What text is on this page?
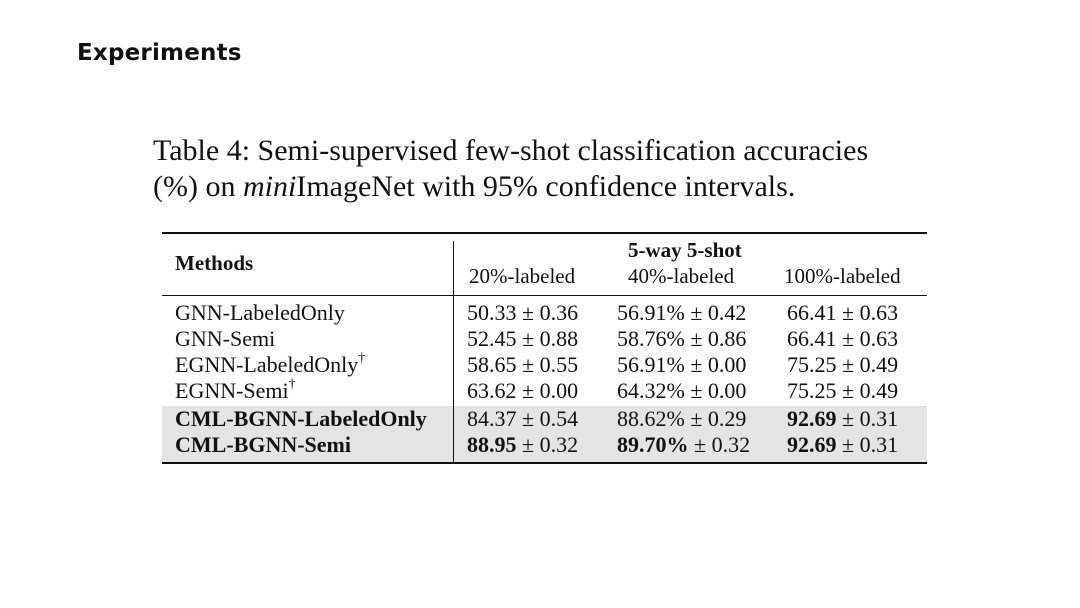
Experiments
Table 4: Semi-supervised few-shot classification accuracies
(%) on miniImageNet with 95% confidence intervals.
Methods
5-way 5-shot
20%-labeled	40%-labeled 100%-labeled
GNN-LabeledOnly	50.33 ± 0.36 56.91% ± 0.42 66.41 ± 0.63
GNN-Semi	52.45 ± 0.88 58.76% ± 0.86 66.41 ± 0.63
EGNN-LabeledOnly†	58.65 ± 0.55 56.91% ± 0.00 75.25 ± 0.49
EGNN-Semi†	63.62 ± 0.00 64.32% ± 0.00 75.25 ± 0.49
CML-BGNN-LabeledOnly 84.37 ± 0.54 88.62% ± 0.29 92.69 ± 0.31
CML-BGNN-Semi	88.95 ± 0.32 89.70% ± 0.32 92.69 ± 0.31
